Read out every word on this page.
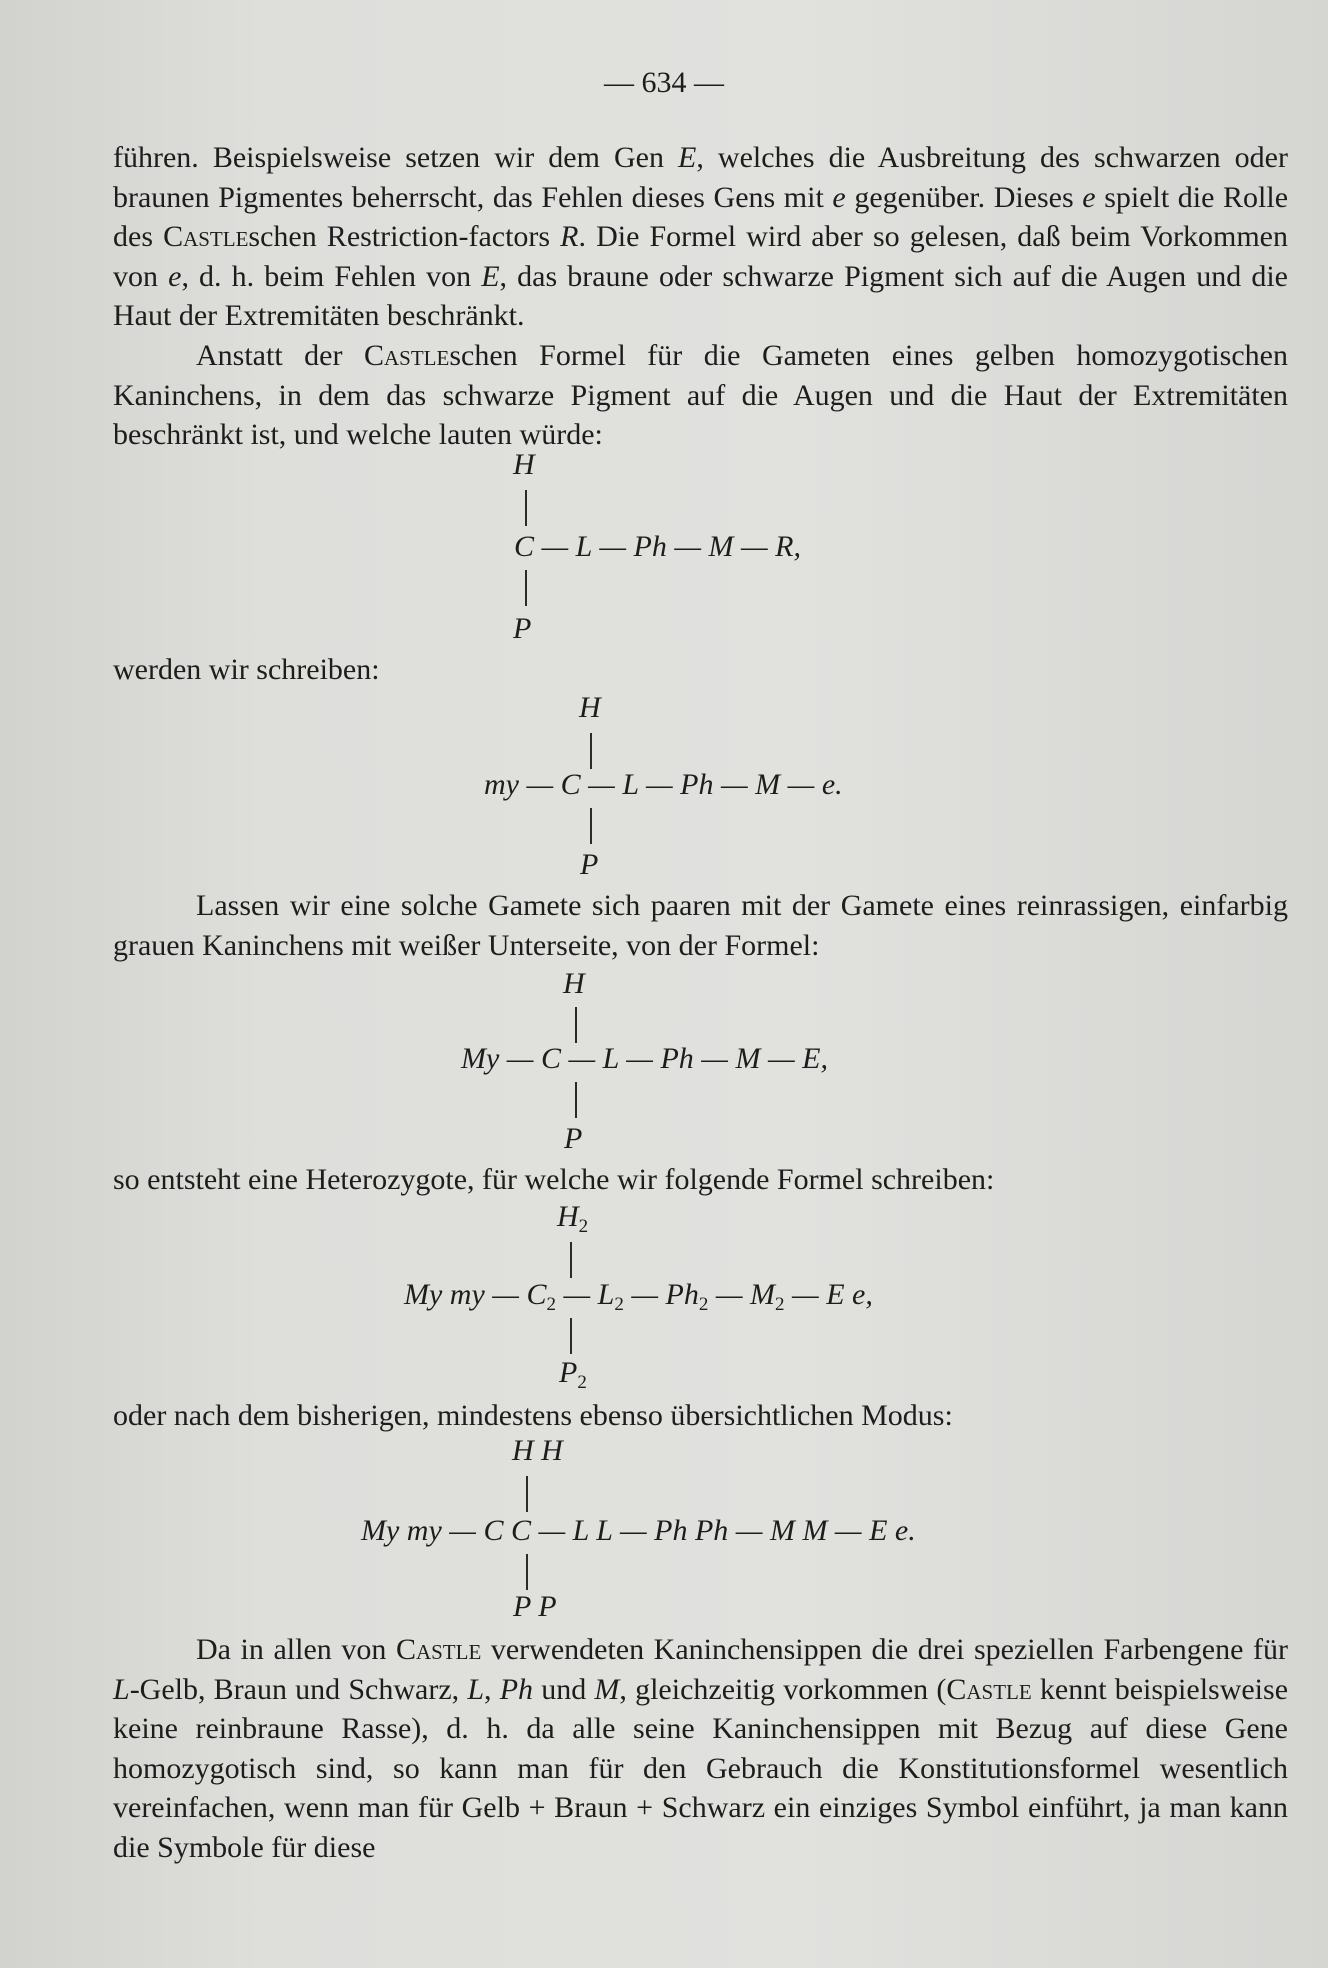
— 634 —

führen. Beispielsweise setzen wir dem Gen E, welches die Ausbreitung des schwarzen oder braunen Pigmentes beherrscht, das Fehlen dieses Gens mit e gegenüber. Dieses e spielt die Rolle des Castleschen Restriction-factors R. Die Formel wird aber so gelesen, daß beim Vorkommen von e, d. h. beim Fehlen von E, das braune oder schwarze Pigment sich auf die Augen und die Haut der Extremitäten beschränkt.

Anstatt der Castleschen Formel für die Gameten eines gelben homozygotischen Kaninchens, in dem das schwarze Pigment auf die Augen und die Haut der Extremitäten beschränkt ist, und welche lauten würde:

H
C — L — Ph — M — R,
P

werden wir schreiben:

H
my — C — L — Ph — M — e.
P

Lassen wir eine solche Gamete sich paaren mit der Gamete eines reinrassigen, einfarbig grauen Kaninchens mit weißer Unterseite, von der Formel:

H
My — C — L — Ph — M — E,
P

so entsteht eine Heterozygote, für welche wir folgende Formel schreiben:

$H_2$
My my — $C_2$ — $L_2$ — $Ph_2$ — $M_2$ — E e,
$P_2$

oder nach dem bisherigen, mindestens ebenso übersichtlichen Modus:

H H
My my — C C — L L — Ph Ph — M M — E e.
P P

Da in allen von Castle verwendeten Kaninchensippen die drei speziellen Farbengene für L-Gelb, Braun und Schwarz, L, Ph und M, gleichzeitig vorkommen (Castle kennt beispielsweise keine reinbraune Rasse), d. h. da alle seine Kaninchensippen mit Bezug auf diese Gene homozygotisch sind, so kann man für den Gebrauch die Konstitutionsformel wesentlich vereinfachen, wenn man für Gelb + Braun + Schwarz ein einziges Symbol einführt, ja man kann die Symbole für diese
